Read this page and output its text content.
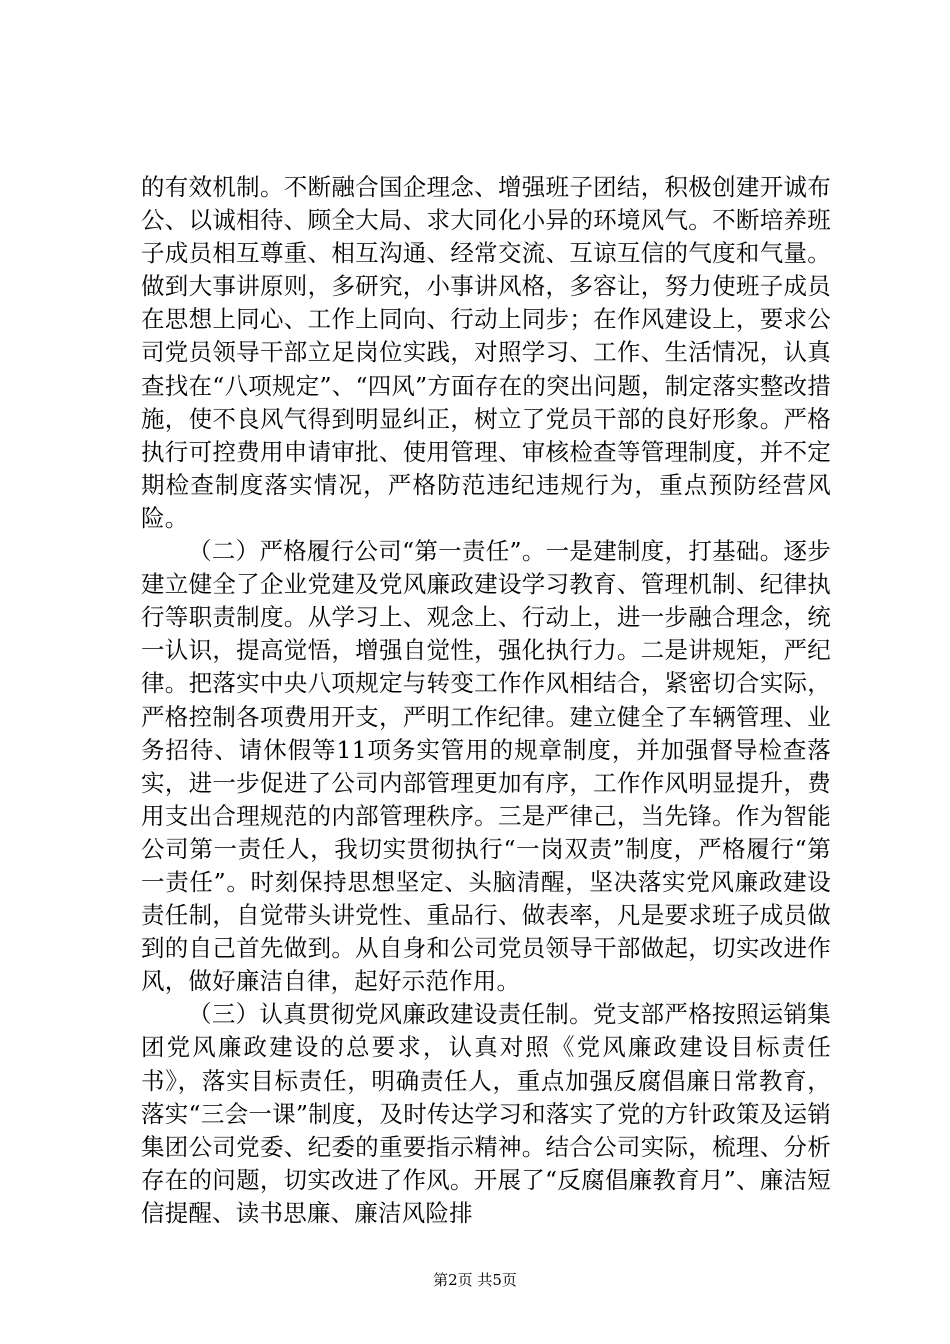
的有效机制。不断融合国企理念、增强班子团结，积极创建开诚布公、以诚相待、顾全大局、求大同化小异的环境风气。不断培养班子成员相互尊重、相互沟通、经常交流、互谅互信的气度和气量。做到大事讲原则，多研究，小事讲风格，多容让，努力使班子成员在思想上同心、工作上同向、行动上同步；在作风建设上，要求公司党员领导干部立足岗位实践，对照学习、工作、生活情况，认真查找在“八项规定”、“四风”方面存在的突出问题，制定落实整改措施，使不良风气得到明显纠正，树立了党员干部的良好形象。严格执行可控费用申请审批、使用管理、审核检查等管理制度，并不定期检查制度落实情况，严格防范违纪违规行为，重点预防经营风险。

（二）严格履行公司“第一责任”。一是建制度，打基础。逐步建立健全了企业党建及党风廉政建设学习教育、管理机制、纪律执行等职责制度。从学习上、观念上、行动上，进一步融合理念，统一认识，提高觉悟，增强自觉性，强化执行力。二是讲规矩，严纪律。把落实中央八项规定与转变工作作风相结合，紧密切合实际，严格控制各项费用开支，严明工作纪律。建立健全了车辆管理、业务招待、请休假等11项务实管用的规章制度，并加强督导检查落实，进一步促进了公司内部管理更加有序，工作作风明显提升，费用支出合理规范的内部管理秩序。三是严律己，当先锋。作为智能公司第一责任人，我切实贯彻执行“一岗双责”制度，严格履行“第一责任”。时刻保持思想坚定、头脑清醒，坚决落实党风廉政建设责任制，自觉带头讲党性、重品行、做表率，凡是要求班子成员做到的自己首先做到。从自身和公司党员领导干部做起，切实改进作风，做好廉洁自律，起好示范作用。

（三）认真贯彻党风廉政建设责任制。党支部严格按照运销集团党风廉政建设的总要求，认真对照《党风廉政建设目标责任书》，落实目标责任，明确责任人，重点加强反腐倡廉日常教育，落实“三会一课”制度，及时传达学习和落实了党的方针政策及运销集团公司党委、纪委的重要指示精神。结合公司实际，梳理、分析存在的问题，切实改进了作风。开展了“反腐倡廉教育月”、廉洁短信提醒、读书思廉、廉洁风险排

第2页 共5页
